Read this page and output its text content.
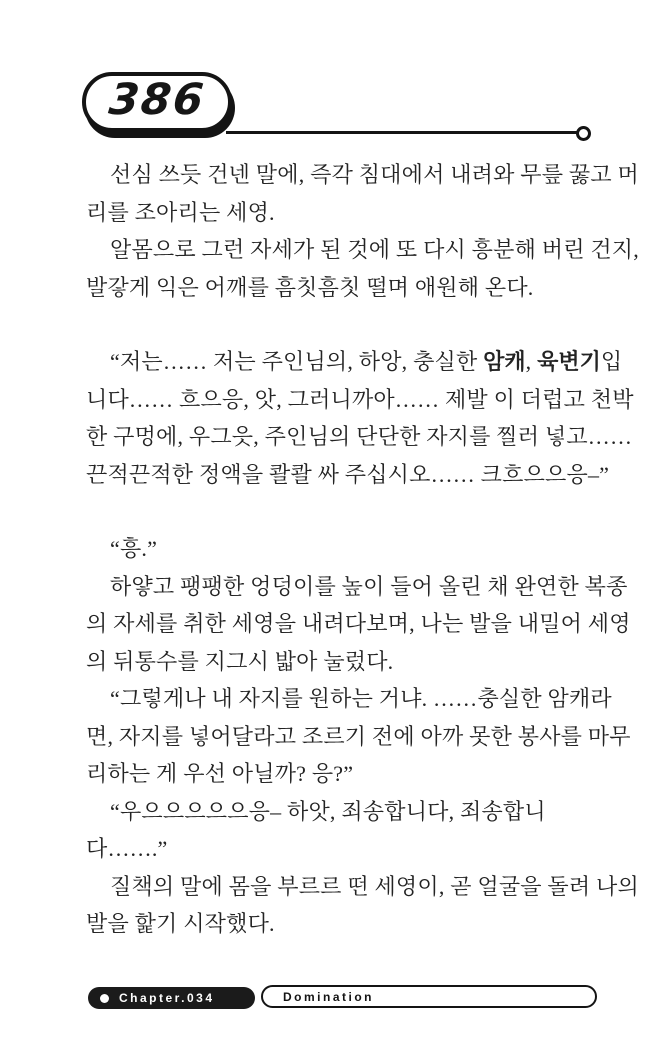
386
선심 쓰듯 건넨 말에, 즉각 침대에서 내려와 무릎 꿇고 머
리를 조아리는 세영.
알몸으로 그런 자세가 된 것에 또 다시 흥분해 버린 건지,
발갛게 익은 어깨를 흠칫흠칫 떨며 애원해 온다.
“저는…… 저는 주인님의, 하앙, 충실한 암캐, 육변기입
니다…… 흐으응, 앗, 그러니까아…… 제발 이 더럽고 천박
한 구멍에, 우그읏, 주인님의 단단한 자지를 찔러 넣고……
끈적끈적한 정액을 콸콸 싸 주십시오…… 크흐으으응–”
“흥.”
하얗고 팽팽한 엉덩이를 높이 들어 올린 채 완연한 복종
의 자세를 취한 세영을 내려다보며, 나는 발을 내밀어 세영
의 뒤통수를 지그시 밟아 눌렀다.
“그렇게나 내 자지를 원하는 거냐. ……충실한 암캐라
면, 자지를 넣어달라고 조르기 전에 아까 못한 봉사를 마무
리하는 게 우선 아닐까? 응?”
“우으으으으으응– 하앗, 죄송합니다, 죄송합니
다…….”
질책의 말에 몸을 부르르 떤 세영이, 곧 얼굴을 돌려 나의
발을 핥기 시작했다.
Chapter.034	Domination
